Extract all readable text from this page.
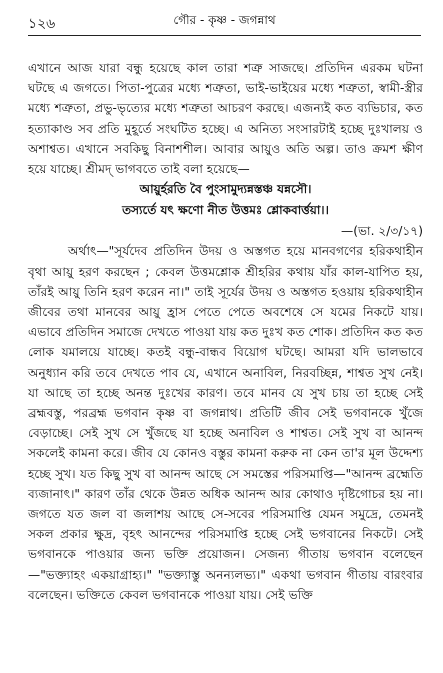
১২৬	গৌর - কৃষ্ণ - জগন্নাথ

এখানে আজ যারা বন্ধু হয়েছে কাল তারা শত্রু সাজছে। প্রতিদিন এরকম ঘটনা ঘটছে এ জগতে। পিতা-পুত্রের মধ্যে শত্রুতা, ভাই-ভাইয়ের মধ্যে শত্রুতা, স্বামী-স্ত্রীর মধ্যে শত্রুতা, প্রভু-ভৃত্যের মধ্যে শত্রুতা আচরণ করছে। এজন্যই কত ব্যভিচার, কত হত্যাকাণ্ড সব প্রতি মুহূর্তে সংঘটিত হচ্ছে। এ অনিত্য সংসারটাই হচ্ছে দুঃখালয় ও অশাশ্বত। এখানে সবকিছু বিনাশশীল। আবার আয়ুও অতি অল্প। তাও ক্রমশ ক্ষীণ হয়ে যাচ্ছে। শ্রীমদ্ ভাগবতে তাই বলা হয়েছে—

আয়ুর্হরতি বৈ পুংসামুদ্যন্নস্তঞ্চ যন্নসৌ।

তস্যর্তে যৎ ক্ষণো নীত উত্তমঃ শ্লোকবার্ত্তয়া।।

—(ভা. ২/৩/১৭)

অর্থাৎ—"সূর্যদেব প্রতিদিন উদয় ও অস্তগত হয়ে মানবগণের হরিকথাহীন বৃথা আয়ু হরণ করছেন ; কেবল উত্তমশ্লোক শ্রীহরির কথায় যাঁর কাল-যাপিত হয়, তাঁরই আয়ু তিনি হরণ করেন না।" তাই সূর্যের উদয় ও অস্তগত হওয়ায় হরিকথাহীন জীবের তথা মানবের আয়ু হ্রাস পেতে পেতে অবশেষে সে যমের নিকটে যায়। এভাবে প্রতিদিন সমাজে দেখতে পাওয়া যায় কত দুঃখ কত শোক। প্রতিদিন কত কত লোক যমালয়ে যাচ্ছে। কতই বন্ধু-বান্ধব বিয়োগ ঘটছে। আমরা যদি ভালভাবে অনুধ্যান করি তবে দেখতে পাব যে, এখানে অনাবিল, নিরবচ্ছিন্ন, শাশ্বত সুখ নেই। যা আছে তা হচ্ছে অনন্ত দুঃখের কারণ। তবে মানব যে সুখ চায় তা হচ্ছে সেই ব্রহ্মবস্তু, পরব্রহ্ম ভগবান কৃষ্ণ বা জগন্নাথ। প্রতিটি জীব সেই ভগবানকে খুঁজে বেড়াচ্ছে। সেই সুখ সে খুঁজছে যা হচ্ছে অনাবিল ও শাশ্বত। সেই সুখ বা আনন্দ সকলেই কামনা করে। জীব যে কোনও বস্তুর কামনা করুক না কেন তা'র মূল উদ্দেশ্য হচ্ছে সুখ। যত কিছু সুখ বা আনন্দ আছে সে সমস্তের পরিসমাপ্তি—"আনন্দ ব্রহ্মেতি ব্যজানাৎ।" কারণ তাঁর থেকে উন্নত অধিক আনন্দ আর কোথাও দৃষ্টিগোচর হয় না। জগতে যত জল বা জলাশয় আছে সে-সবের পরিসমাপ্তি যেমন সমুদ্রে, তেমনই সকল প্রকার ক্ষুদ্র, বৃহৎ আনন্দের পরিসমাপ্তি হচ্ছে সেই ভগবানের নিকটে। সেই ভগবানকে পাওয়ার জন্য ভক্তি প্রয়োজন। সেজন্য গীতায় ভগবান বলেছেন—"ভক্ত্যাহং একয়াগ্রাহ্য।" "ভক্ত্যাস্তু অনন্যলভ্য।" একথা ভগবান গীতায় বারংবার বলেছেন। ভক্তিতে কেবল ভগবানকে পাওয়া যায়। সেই ভক্তি
